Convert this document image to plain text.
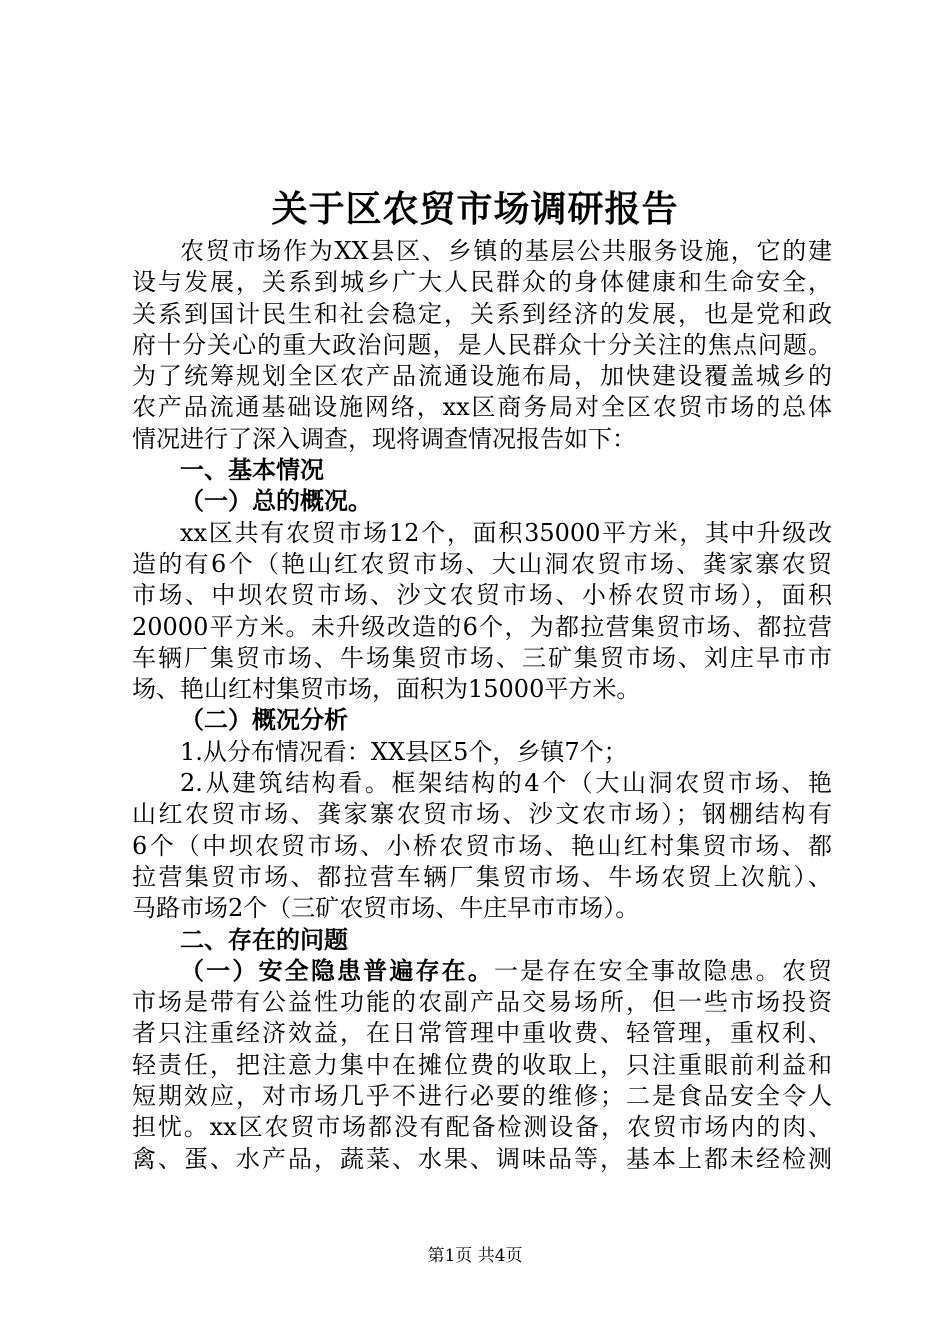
关于区农贸市场调研报告
农贸市场作为XX县区、乡镇的基层公共服务设施，它的建
设与发展，关系到城乡广大人民群众的身体健康和生命安全，
关系到国计民生和社会稳定，关系到经济的发展，也是党和政
府十分关心的重大政治问题，是人民群众十分关注的焦点问题。
为了统筹规划全区农产品流通设施布局，加快建设覆盖城乡的
农产品流通基础设施网络，xx区商务局对全区农贸市场的总体
情况进行了深入调查，现将调查情况报告如下：
一、基本情况
（一）总的概况。
xx区共有农贸市场12个，面积35000平方米，其中升级改
造的有6个（艳山红农贸市场、大山洞农贸市场、龚家寨农贸
市场、中坝农贸市场、沙文农贸市场、小桥农贸市场），面积
20000平方米。未升级改造的6个，为都拉营集贸市场、都拉营
车辆厂集贸市场、牛场集贸市场、三矿集贸市场、刘庄早市市
场、艳山红村集贸市场，面积为15000平方米。
（二）概况分析
1.从分布情况看：XX县区5个，乡镇7个；
2.从建筑结构看。框架结构的4个（大山洞农贸市场、艳
山红农贸市场、龚家寨农贸市场、沙文农市场）；钢棚结构有
6个（中坝农贸市场、小桥农贸市场、艳山红村集贸市场、都
拉营集贸市场、都拉营车辆厂集贸市场、牛场农贸上次航）、
马路市场2个（三矿农贸市场、牛庄早市市场）。
二、存在的问题
（一）安全隐患普遍存在。一是存在安全事故隐患。农贸
市场是带有公益性功能的农副产品交易场所，但一些市场投资
者只注重经济效益，在日常管理中重收费、轻管理，重权利、
轻责任，把注意力集中在摊位费的收取上，只注重眼前利益和
短期效应，对市场几乎不进行必要的维修；二是食品安全令人
担忧。xx区农贸市场都没有配备检测设备，农贸市场内的肉、
禽、蛋、水产品，蔬菜、水果、调味品等，基本上都未经检测
第1页 共4页
